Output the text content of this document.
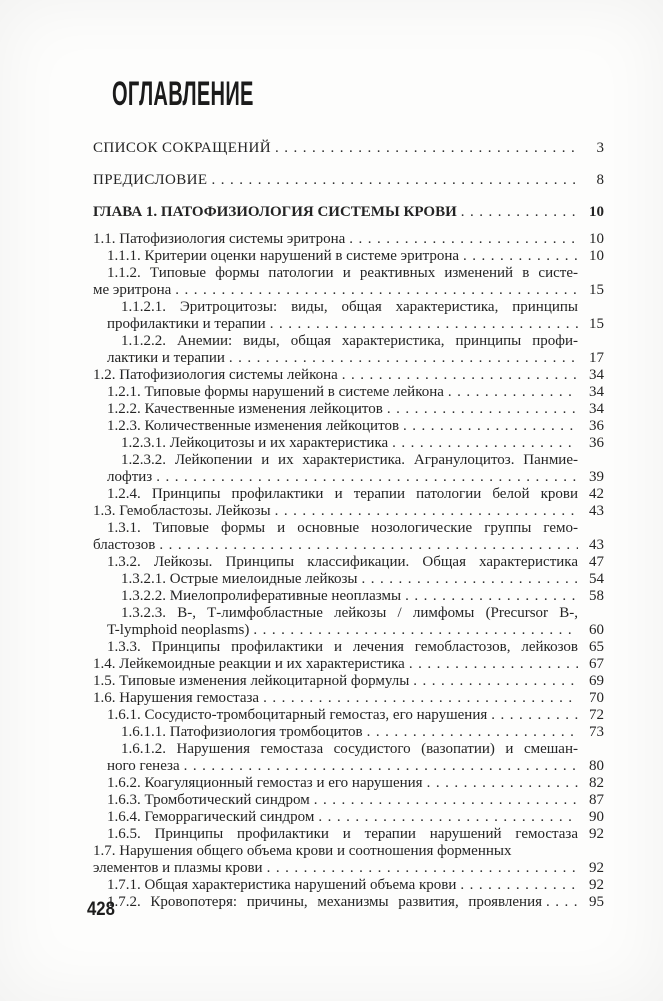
ОГЛАВЛЕНИЕ
СПИСОК СОКРАЩЕНИЙ .....	3
ПРЕДИСЛОВИЕ .....	8
ГЛАВА 1. ПАТОФИЗИОЛОГИЯ СИСТЕМЫ КРОВИ .....	10
1.1. Патофизиология системы эритрона .....	10
1.1.1. Критерии оценки нарушений в системе эритрона .....	10
1.1.2. Типовые формы патологии и реактивных изменений в систе-
ме эритрона .....	15
1.1.2.1. Эритроцитозы: виды, общая характеристика, принципы
профилактики и терапии .....	15
1.1.2.2. Анемии: виды, общая характеристика, принципы профи-
лактики и терапии .....	17
1.2. Патофизиология системы лейкона .....	34
1.2.1. Типовые формы нарушений в системе лейкона .....	34
1.2.2. Качественные изменения лейкоцитов .....	34
1.2.3. Количественные изменения лейкоцитов .....	36
1.2.3.1. Лейкоцитозы и их характеристика .....	36
1.2.3.2. Лейкопении и их характеристика. Агранулоцитоз. Панмие-
лофтиз .....	39
1.2.4. Принципы профилактики и терапии патологии белой крови 42
1.3. Гемобластозы. Лейкозы .....	43
1.3.1. Типовые формы и основные нозологические группы гемо-
бластозов .....	43
1.3.2. Лейкозы. Принципы классификации. Общая характеристика 47
1.3.2.1. Острые миелоидные лейкозы .....	54
1.3.2.2. Миелопролиферативные неоплазмы .....	58
1.3.2.3. В-, Т-лимфобластные лейкозы / лимфомы (Precursor B-,
T-lymphoid neoplasms) .....	60
1.3.3. Принципы профилактики и лечения гемобластозов, лейкозов 65
1.4. Лейкемоидные реакции и их характеристика .....	67
1.5. Типовые изменения лейкоцитарной формулы .....	69
1.6. Нарушения гемостаза .....	70
1.6.1. Сосудисто-тромбоцитарный гемостаз, его нарушения .....	72
1.6.1.1. Патофизиология тромбоцитов .....	73
1.6.1.2. Нарушения гемостаза сосудистого (вазопатии) и смешан-
ного генеза .....	80
1.6.2. Коагуляционный гемостаз и его нарушения .....	82
1.6.3. Тромботический синдром .....	87
1.6.4. Геморрагический синдром .....	90
1.6.5. Принципы профилактики и терапии нарушений гемостаза 92
1.7. Нарушения общего объема крови и соотношения форменных
элементов и плазмы крови .....	92
1.7.1. Общая характеристика нарушений объема крови .....	92
1.7.2. Кровопотеря: причины, механизмы развития, проявления .....	95
428
